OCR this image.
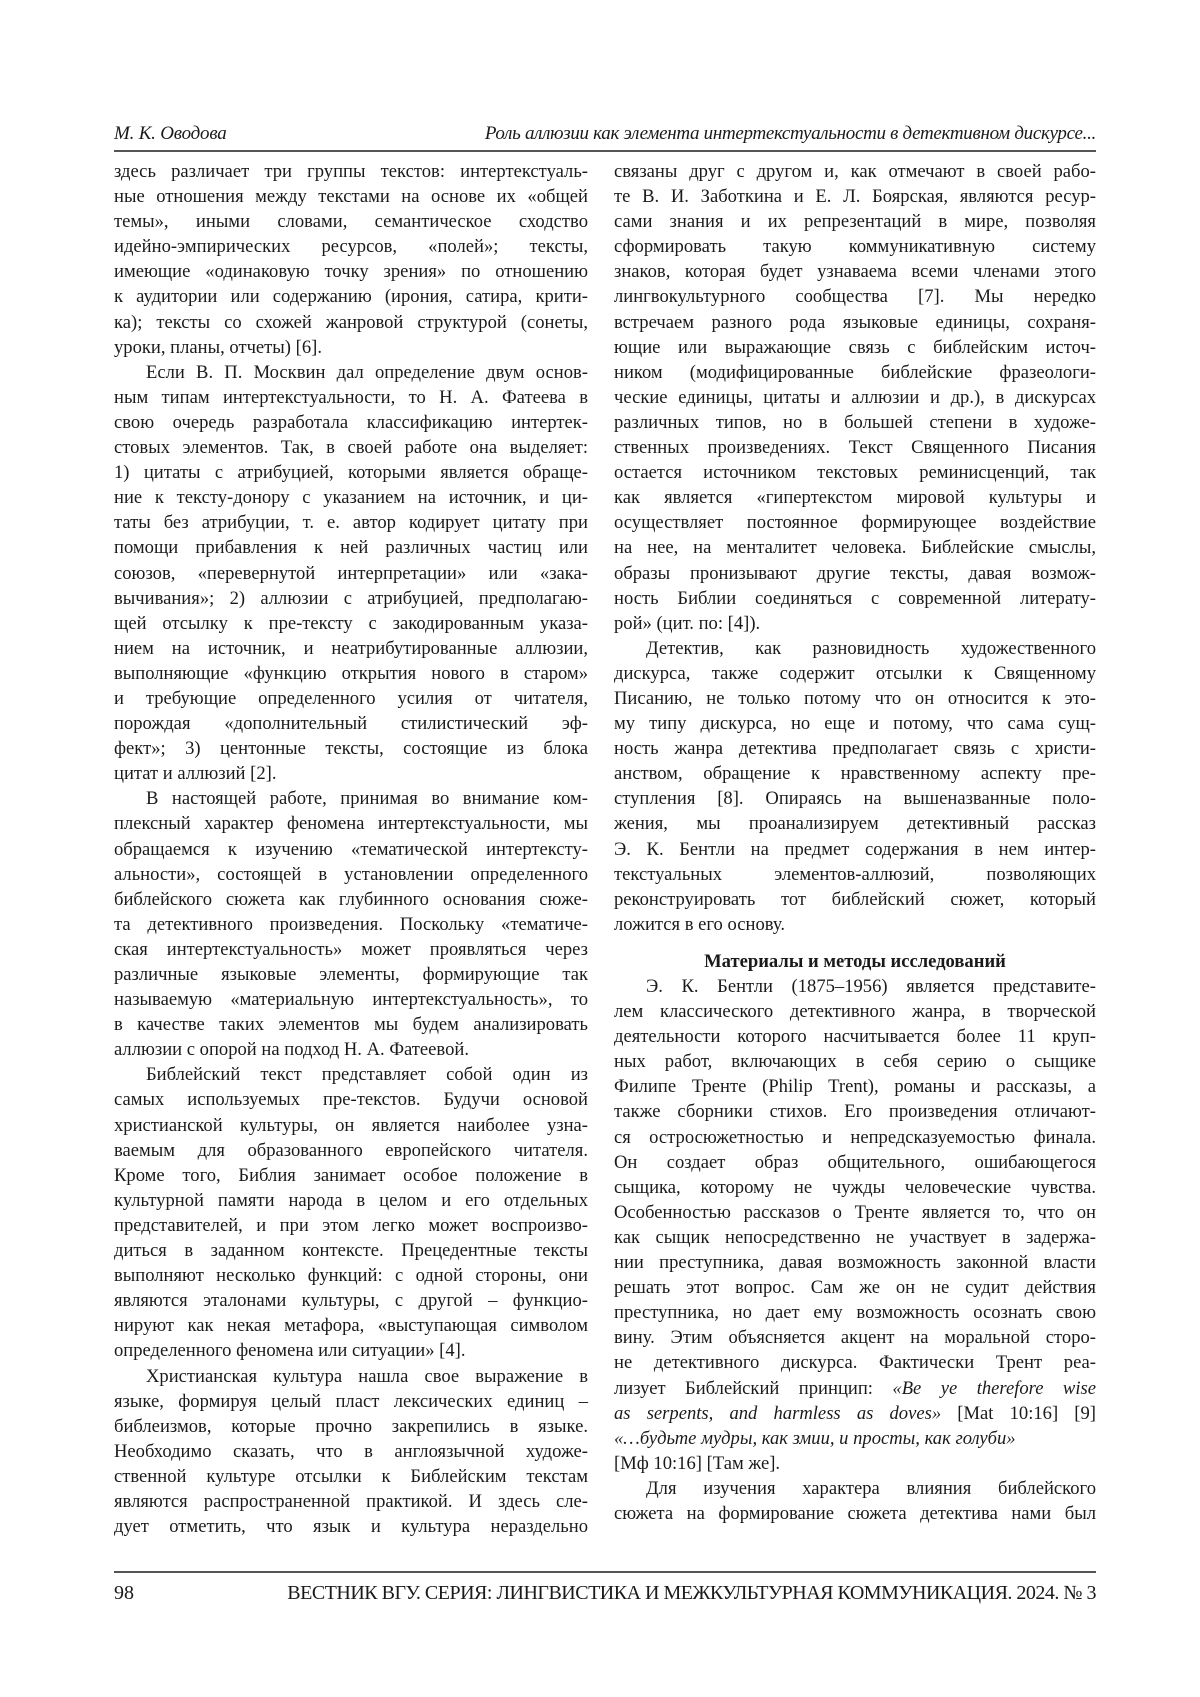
М. К. Оводова	Роль аллюзии как элемента интертекстуальности в детективном дискурсе...
здесь различает три группы текстов: интертекстуаль-
ные отношения между текстами на основе их «общей
темы», иными словами, семантическое сходство
идейно-эмпирических ресурсов, «полей»; тексты,
имеющие «одинаковую точку зрения» по отношению
к аудитории или содержанию (ирония, сатира, крити-
ка); тексты со схожей жанровой структурой (сонеты,
уроки, планы, отчеты) [6].
Если В. П. Москвин дал определение двум основ-
ным типам интертекстуальности, то Н. А. Фатеева в
свою очередь разработала классификацию интертек-
стовых элементов. Так, в своей работе она выделяет:
1) цитаты с атрибуцией, которыми является обраще-
ние к тексту-донору с указанием на источник, и ци-
таты без атрибуции, т. е. автор кодирует цитату при
помощи прибавления к ней различных частиц или
союзов, «перевернутой интерпретации» или «зака-
вычивания»; 2) аллюзии с атрибуцией, предполагаю-
щей отсылку к пре-тексту с закодированным указа-
нием на источник, и неатрибутированные аллюзии,
выполняющие «функцию открытия нового в старом»
и требующие определенного усилия от читателя,
порождая «дополнительный стилистический эф-
фект»; 3) центонные тексты, состоящие из блока
цитат и аллюзий [2].
В настоящей работе, принимая во внимание ком-
плексный характер феномена интертекстуальности, мы
обращаемся к изучению «тематической интертексту-
альности», состоящей в установлении определенного
библейского сюжета как глубинного основания сюже-
та детективного произведения. Поскольку «тематиче-
ская интертекстуальность» может проявляться через
различные языковые элементы, формирующие так
называемую «материальную интертекстуальность», то
в качестве таких элементов мы будем анализировать
аллюзии с опорой на подход Н. А. Фатеевой.
Библейский текст представляет собой один из
самых используемых пре-текстов. Будучи основой
христианской культуры, он является наиболее узна-
ваемым для образованного европейского читателя.
Кроме того, Библия занимает особое положение в
культурной памяти народа в целом и его отдельных
представителей, и при этом легко может воспроизво-
диться в заданном контексте. Прецедентные тексты
выполняют несколько функций: с одной стороны, они
являются эталонами культуры, с другой – функцио-
нируют как некая метафора, «выступающая символом
определенного феномена или ситуации» [4].
Христианская культура нашла свое выражение в
языке, формируя целый пласт лексических единиц –
библеизмов, которые прочно закрепились в языке.
Необходимо сказать, что в англоязычной художе-
ственной культуре отсылки к Библейским текстам
являются распространенной практикой. И здесь сле-
дует отметить, что язык и культура нераздельно
связаны друг с другом и, как отмечают в своей рабо-
те В. И. Заботкина и Е. Л. Боярская, являются ресур-
сами знания и их репрезентаций в мире, позволяя
сформировать такую коммуникативную систему
знаков, которая будет узнаваема всеми членами этого
лингвокультурного сообщества [7]. Мы нередко
встречаем разного рода языковые единицы, сохраня-
ющие или выражающие связь с библейским источ-
ником (модифицированные библейские фразеологи-
ческие единицы, цитаты и аллюзии и др.), в дискурсах
различных типов, но в большей степени в художе-
ственных произведениях. Текст Священного Писания
остается источником текстовых реминисценций, так
как является «гипертекстом мировой культуры и
осуществляет постоянное формирующее воздействие
на нее, на менталитет человека. Библейские смыслы,
образы пронизывают другие тексты, давая возмож-
ность Библии соединяться с современной литерату-
рой» (цит. по: [4]).
Детектив, как разновидность художественного
дискурса, также содержит отсылки к Священному
Писанию, не только потому что он относится к это-
му типу дискурса, но еще и потому, что сама сущ-
ность жанра детектива предполагает связь с христи-
анством, обращение к нравственному аспекту пре-
ступления [8]. Опираясь на вышеназванные поло-
жения, мы проанализируем детективный рассказ
Э. К. Бентли на предмет содержания в нем интер-
текстуальных элементов-аллюзий, позволяющих
реконструировать тот библейский сюжет, который
ложится в его основу.
Материалы и методы исследований
Э. К. Бентли (1875–1956) является представите-
лем классического детективного жанра, в творческой
деятельности которого насчитывается более 11 круп-
ных работ, включающих в себя серию о сыщике
Филипе Тренте (Philip Trent), романы и рассказы, а
также сборники стихов. Его произведения отличают-
ся остросюжетностью и непредсказуемостью финала.
Он создает образ общительного, ошибающегося
сыщика, которому не чужды человеческие чувства.
Особенностью рассказов о Тренте является то, что он
как сыщик непосредственно не участвует в задержа-
нии преступника, давая возможность законной власти
решать этот вопрос. Сам же он не судит действия
преступника, но дает ему возможность осознать свою
вину. Этим объясняется акцент на моральной сторо-
не детективного дискурса. Фактически Трент реа-
лизует Библейский принцип: «Be ye therefore wise
as serpents, and harmless as doves» [Mat 10:16] [9]
«…будьте мудры, как змии, и просты, как голуби»
[Мф 10:16] [Там же].
Для изучения характера влияния библейского
сюжета на формирование сюжета детектива нами был
98	ВЕСТНИК ВГУ. СЕРИЯ: ЛИНГВИСТИКА И МЕЖКУЛЬТУРНАЯ КОММУНИКАЦИЯ. 2024. № 3
